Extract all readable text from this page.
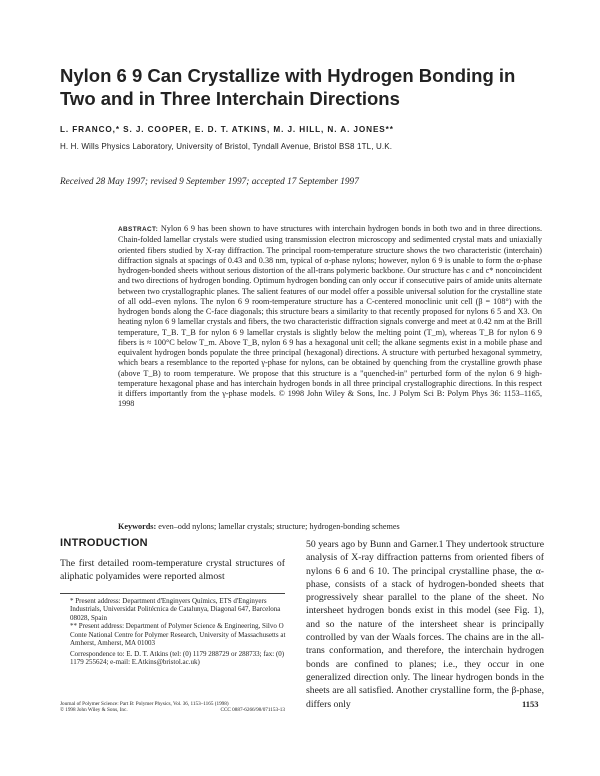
Nylon 6 9 Can Crystallize with Hydrogen Bonding in Two and in Three Interchain Directions
L. FRANCO,* S. J. COOPER, E. D. T. ATKINS, M. J. HILL, N. A. JONES**
H. H. Wills Physics Laboratory, University of Bristol, Tyndall Avenue, Bristol BS8 1TL, U.K.
Received 28 May 1997; revised 9 September 1997; accepted 17 September 1997

ABSTRACT: Nylon 6 9 has been shown to have structures with interchain hydrogen bonds in both two and in three directions. Chain-folded lamellar crystals were studied using transmission electron microscopy and sedimented crystal mats and uniaxially oriented fibers studied by X-ray diffraction. The principal room-temperature structure shows the two characteristic (interchain) diffraction signals at spacings of 0.43 and 0.38 nm, typical of α-phase nylons; however, nylon 6 9 is unable to form the α-phase hydrogen-bonded sheets without serious distortion of the all-trans polymeric backbone. Our structure has c and c* noncoincident and two directions of hydrogen bonding. Optimum hydrogen bonding can only occur if consecutive pairs of amide units alternate between two crystallographic planes. The salient features of our model offer a possible universal solution for the crystalline state of all odd–even nylons. The nylon 6 9 room-temperature structure has a C-centered monoclinic unit cell (β = 108°) with the hydrogen bonds along the C-face diagonals; this structure bears a similarity to that recently proposed for nylons 6 5 and X3. On heating nylon 6 9 lamellar crystals and fibers, the two characteristic diffraction signals converge and meet at 0.42 nm at the Brill temperature, T_B. T_B for nylon 6 9 lamellar crystals is slightly below the melting point (T_m), whereas T_B for nylon 6 9 fibers is ≈ 100°C below T_m. Above T_B, nylon 6 9 has a hexagonal unit cell; the alkane segments exist in a mobile phase and equivalent hydrogen bonds populate the three principal (hexagonal) directions. A structure with perturbed hexagonal symmetry, which bears a resemblance to the reported γ-phase for nylons, can be obtained by quenching from the crystalline growth phase (above T_B) to room temperature. We propose that this structure is a "quenched-in" perturbed form of the nylon 6 9 high-temperature hexagonal phase and has interchain hydrogen bonds in all three principal crystallographic directions. In this respect it differs importantly from the γ-phase models. © 1998 John Wiley & Sons, Inc. J Polym Sci B: Polym Phys 36: 1153–1165, 1998

Keywords: even–odd nylons; lamellar crystals; structure; hydrogen-bonding schemes
INTRODUCTION

The first detailed room-temperature crystal structures of aliphatic polyamides were reported almost

50 years ago by Bunn and Garner.1 They undertook structure analysis of X-ray diffraction patterns from oriented fibers of nylons 6 6 and 6 10. The principal crystalline phase, the α-phase, consists of a stack of hydrogen-bonded sheets that progressively shear parallel to the plane of the sheet. No intersheet hydrogen bonds exist in this model (see Fig. 1), and so the nature of the intersheet shear is principally controlled by van der Waals forces. The chains are in the all-trans conformation, and therefore, the interchain hydrogen bonds are confined to planes; i.e., they occur in one generalized direction only. The linear hydrogen bonds in the sheets are all satisfied. Another crystalline form, the β-phase, differs only

* Present address: Department d'Enginyers Químics, ETS d'Enginyers Industrials, Universidat Politécnica de Catalunya, Diagonal 647, Barcelona 08028, Spain

** Present address: Department of Polymer Science & Engineering, Silvo O Conte National Centre for Polymer Research, University of Massachusetts at Amherst, Amherst, MA 01003

Correspondence to: E. D. T. Atkins (tel: (0) 1179 288729 or 288733; fax: (0) 1179 255624; e-mail: E.Atkins@bristol.ac.uk)

Journal of Polymer Science: Part B: Polymer Physics, Vol. 36, 1153–1165 (1998)
© 1998 John Wiley & Sons, Inc.	CCC 0887-6266/98/071153-13
1153
